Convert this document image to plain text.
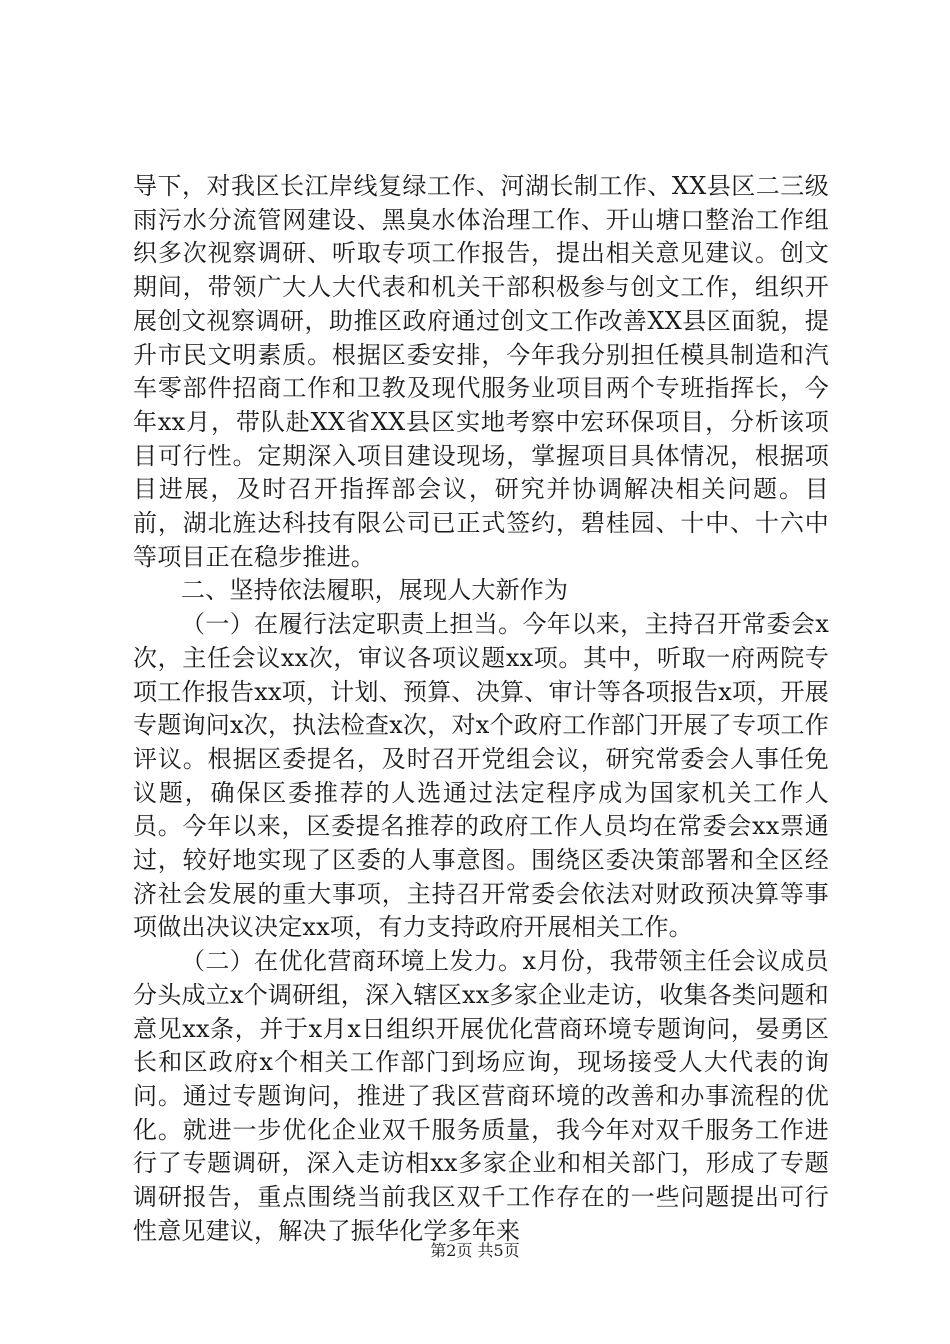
导下，对我区长江岸线复绿工作、河湖长制工作、XX县区二三级雨污水分流管网建设、黑臭水体治理工作、开山塘口整治工作组织多次视察调研、听取专项工作报告，提出相关意见建议。创文期间，带领广大人大代表和机关干部积极参与创文工作，组织开展创文视察调研，助推区政府通过创文工作改善XX县区面貌，提升市民文明素质。根据区委安排，今年我分别担任模具制造和汽车零部件招商工作和卫教及现代服务业项目两个专班指挥长，今年xx月，带队赴XX省XX县区实地考察中宏环保项目，分析该项目可行性。定期深入项目建设现场，掌握项目具体情况，根据项目进展，及时召开指挥部会议，研究并协调解决相关问题。目前，湖北旌达科技有限公司已正式签约，碧桂园、十中、十六中等项目正在稳步推进。

二、坚持依法履职，展现人大新作为

（一）在履行法定职责上担当。今年以来，主持召开常委会x次，主任会议xx次，审议各项议题xx项。其中，听取一府两院专项工作报告xx项，计划、预算、决算、审计等各项报告x项，开展专题询问x次，执法检查x次，对x个政府工作部门开展了专项工作评议。根据区委提名，及时召开党组会议，研究常委会人事任免议题，确保区委推荐的人选通过法定程序成为国家机关工作人员。今年以来，区委提名推荐的政府工作人员均在常委会xx票通过，较好地实现了区委的人事意图。围绕区委决策部署和全区经济社会发展的重大事项，主持召开常委会依法对财政预决算等事项做出决议决定xx项，有力支持政府开展相关工作。

（二）在优化营商环境上发力。x月份，我带领主任会议成员分头成立x个调研组，深入辖区xx多家企业走访，收集各类问题和意见xx条，并于x月x日组织开展优化营商环境专题询问，晏勇区长和区政府x个相关工作部门到场应询，现场接受人大代表的询问。通过专题询问，推进了我区营商环境的改善和办事流程的优化。就进一步优化企业双千服务质量，我今年对双千服务工作进行了专题调研，深入走访相xx多家企业和相关部门，形成了专题调研报告，重点围绕当前我区双千工作存在的一些问题提出可行性意见建议，解决了振华化学多年来

第2页 共5页
